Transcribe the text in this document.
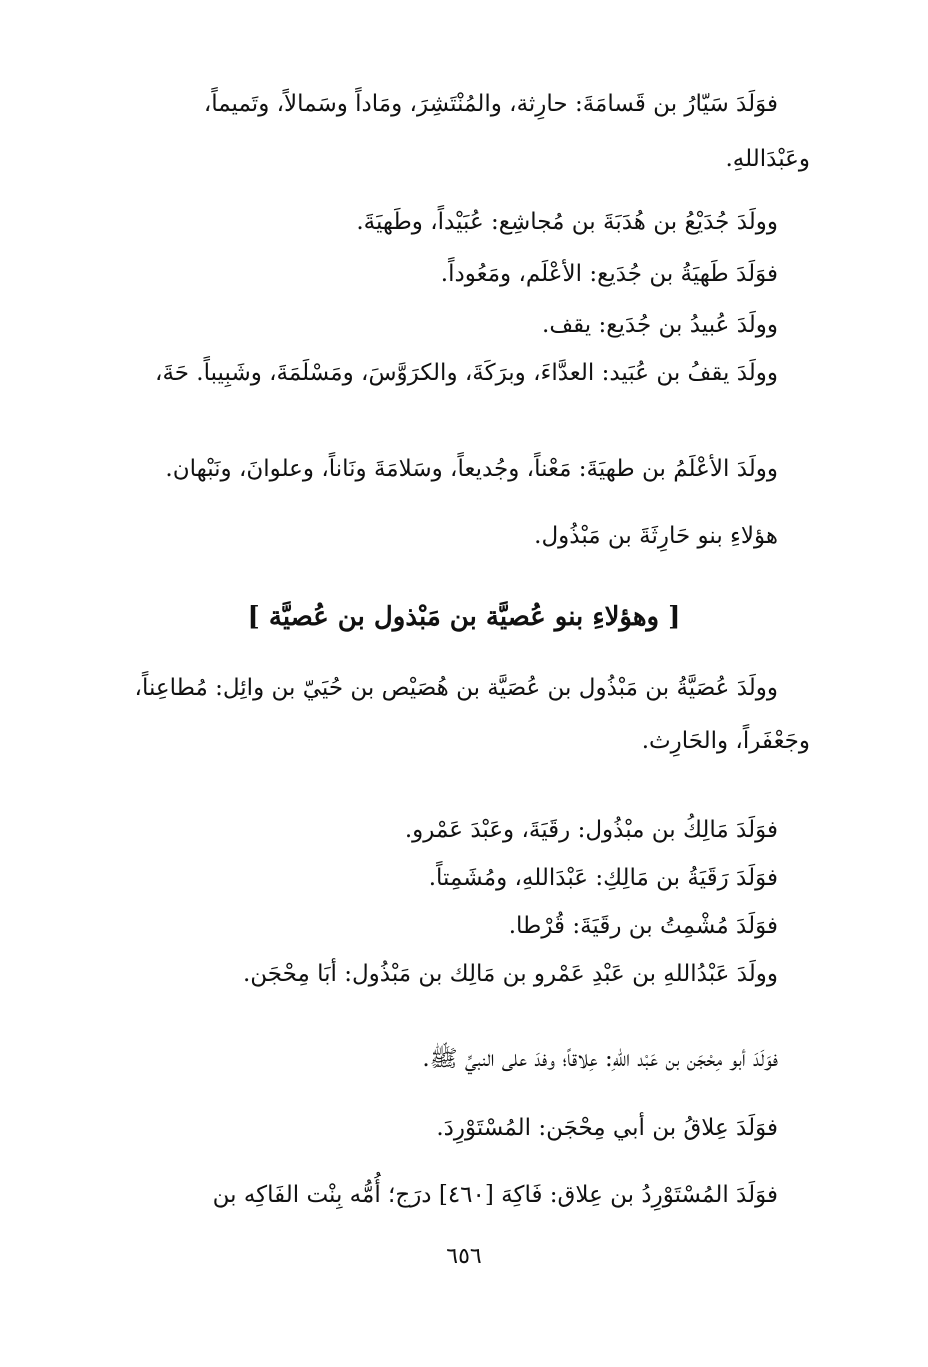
فوَلَدَ سَيّارُ بن قَسامَةَ: حارِثة، والمُنْتَشِرَ، ومَاداً وسَمالاً، وتَميماً،
وعَبْدَاللهِ.
وولَدَ جُدَيْعُ بن هُدَبَةَ بن مُجاشِع: عُبَيْداً، وطَهيَةَ.
فوَلَدَ طَهيَةُ بن جُدَيع: الأعْلَم، ومَعُوداً.
وولَدَ عُبيدُ بن جُدَيع: يقف.
وولَدَ يقفُ بن عُبَيد: العدَّاءَ، وبرَكَةَ، والكرَوَّسَ، ومَسْلَمَةَ، وشَبِيباً. حَةَ،
وولَدَ الأعْلَمُ بن طهيَةَ: مَعْناً، وجُديعاً، وسَلامَةَ ونَاناً، وعلوانَ، ونَبْهان.
هؤلاءِ بنو حَارِثَةَ بن مَبْذُول.
[ وهؤلاءِ بنو عُصيَّة بن مَبْذول بن عُصيَّة ]
وولَدَ عُصَيَّةُ بن مَبْذُول بن عُصَيَّة بن هُصَيْص بن حُيَيّ بن وائِل: مُطاعِناً،
وجَعْفَراً، والحَارِث.
فوَلَدَ مَالِكُ بن مبْذُول: رقَيَةَ، وعَبْدَ عَمْرو.
فوَلَدَ رَقَيَةُ بن مَالِكِ: عَبْدَاللهِ، ومُشَمِتاً.
فوَلَدَ مُشْمِتُ بن رقَيَةَ: قُرْطا.
وولَدَ عَبْدُاللهِ بن عَبْدِ عَمْرو بن مَالِك بن مَبْذُول: أبَا مِحْجَن.
فوَلَدَ أبو مِحْجَن بن عَبْد اللهِ: عِلاقاً؛ وفدَ على النبيِّ ﷺ.
فوَلَدَ عِلاقُ بن أبي مِحْجَن: المُسْتَوْرِدَ.
فوَلَدَ المُسْتَوْرِدُ بن عِلاق: فَاكِهَ [٤٦٠] درَج؛ أُمُّه بِنْت الفَاكِه بن
٦٥٦
